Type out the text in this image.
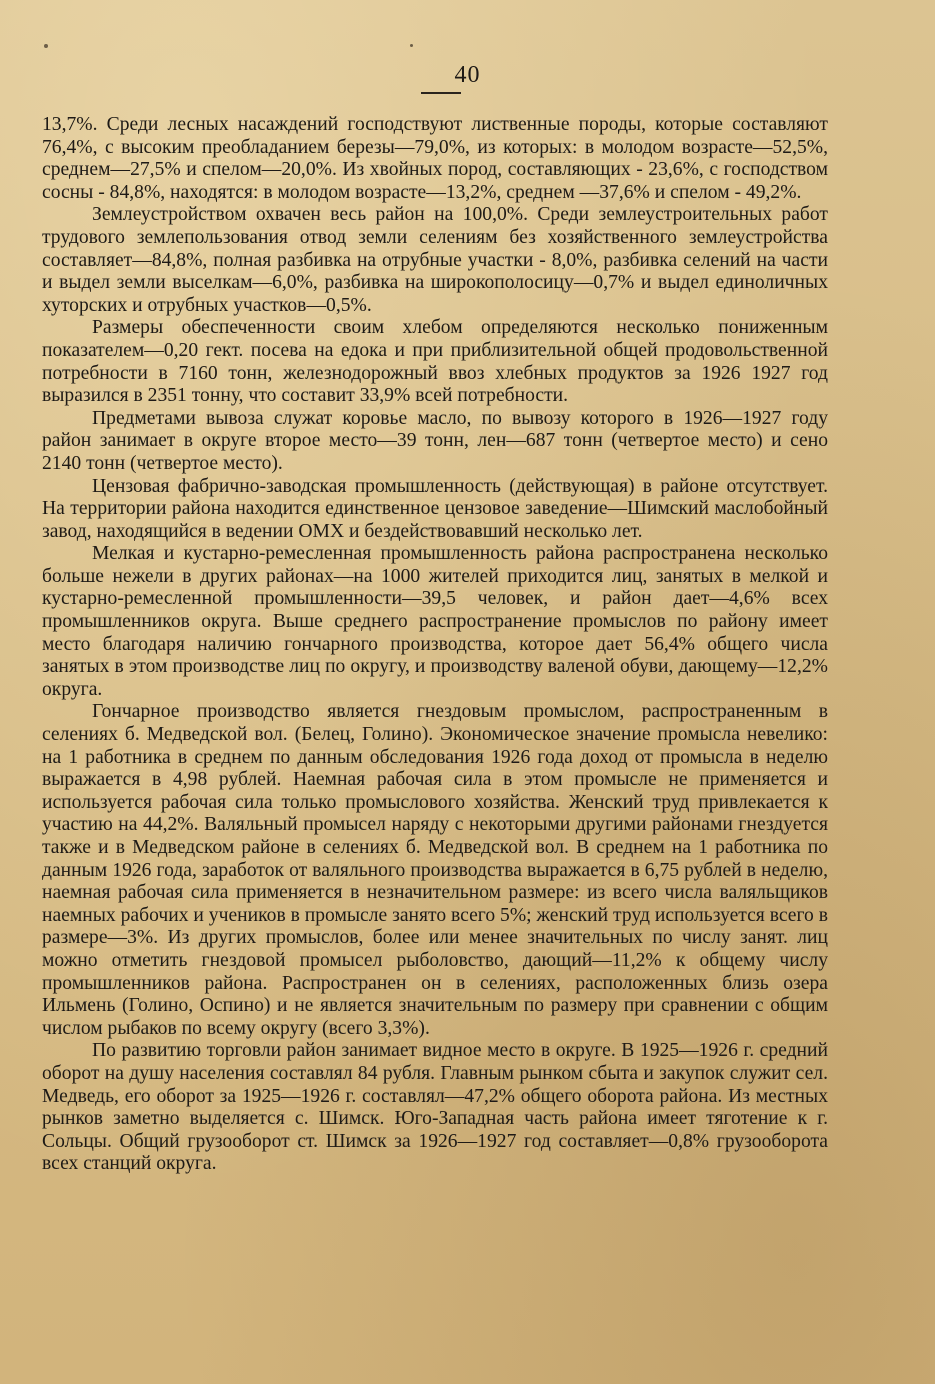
40

13,7%. Среди лесных насаждений господствуют лиственные породы, которые составляют 76,4%, с высоким преобладанием березы—79,0%, из которых: в молодом возрасте—52,5%, среднем—27,5% и спелом—20,0%. Из хвойных пород, составляющих - 23,6%, с господством сосны - 84,8%, находятся: в молодом возрасте—13,2%, среднем —37,6% и спелом - 49,2%.

Землеустройством охвачен весь район на 100,0%. Среди землеустроительных работ трудового землепользования отвод земли селениям без хозяйственного землеустройства составляет—84,8%, полная разбивка на отрубные участки - 8,0%, разбивка селений на части и выдел земли выселкам—6,0%, разбивка на широкополосицу—0,7% и выдел единоличных хуторских и отрубных участков—0,5%.

Размеры обеспеченности своим хлебом определяются несколько пониженным показателем—0,20 гект. посева на едока и при приблизительной общей продовольственной потребности в 7160 тонн, железнодорожный ввоз хлебных продуктов за 1926 1927 год выразился в 2351 тонну, что составит 33,9% всей потребности.

Предметами вывоза служат коровье масло, по вывозу которого в 1926—1927 году район занимает в округе второе место—39 тонн, лен—687 тонн (четвертое место) и сено 2140 тонн (четвертое место).

Цензовая фабрично-заводская промышленность (действующая) в районе отсутствует. На территории района находится единственное цензовое заведение—Шимский маслобойный завод, находящийся в ведении ОМХ и бездействовавший несколько лет.

Мелкая и кустарно-ремесленная промышленность района распространена несколько больше нежели в других районах—на 1000 жителей приходится лиц, занятых в мелкой и кустарно-ремесленной промышленности—39,5 человек, и район дает—4,6% всех промышленников округа. Выше среднего распространение промыслов по району имеет место благодаря наличию гончарного производства, которое дает 56,4% общего числа занятых в этом производстве лиц по округу, и производству валеной обуви, дающему—12,2% округа.

Гончарное производство является гнездовым промыслом, распространенным в селениях б. Медведской вол. (Белец, Голино). Экономическое значение промысла невелико: на 1 работника в среднем по данным обследования 1926 года доход от промысла в неделю выражается в 4,98 рублей. Наемная рабочая сила в этом промысле не применяется и используется рабочая сила только промыслового хозяйства. Женский труд привлекается к участию на 44,2%. Валяльный промысел наряду с некоторыми другими районами гнездуется также и в Медведском районе в селениях б. Медведской вол. В среднем на 1 работника по данным 1926 года, заработок от валяльного производства выражается в 6,75 рублей в неделю, наемная рабочая сила применяется в незначительном размере: из всего числа валяльщиков наемных рабочих и учеников в промысле занято всего 5%; женский труд используется всего в размере—3%. Из других промыслов, более или менее значительных по числу занят. лиц можно отметить гнездовой промысел рыболовство, дающий—11,2% к общему числу промышленников района. Распространен он в селениях, расположенных близь озера Ильмень (Голино, Оспино) и не является значительным по размеру при сравнении с общим числом рыбаков по всему округу (всего 3,3%).

По развитию торговли район занимает видное место в округе. В 1925—1926 г. средний оборот на душу населения составлял 84 рубля. Главным рынком сбыта и закупок служит сел. Медведь, его оборот за 1925—1926 г. составлял—47,2% общего оборота района. Из местных рынков заметно выделяется с. Шимск. Юго-Западная часть района имеет тяготение к г. Сольцы. Общий грузооборот ст. Шимск за 1926—1927 год составляет—0,8% грузооборота всех станций округа.
